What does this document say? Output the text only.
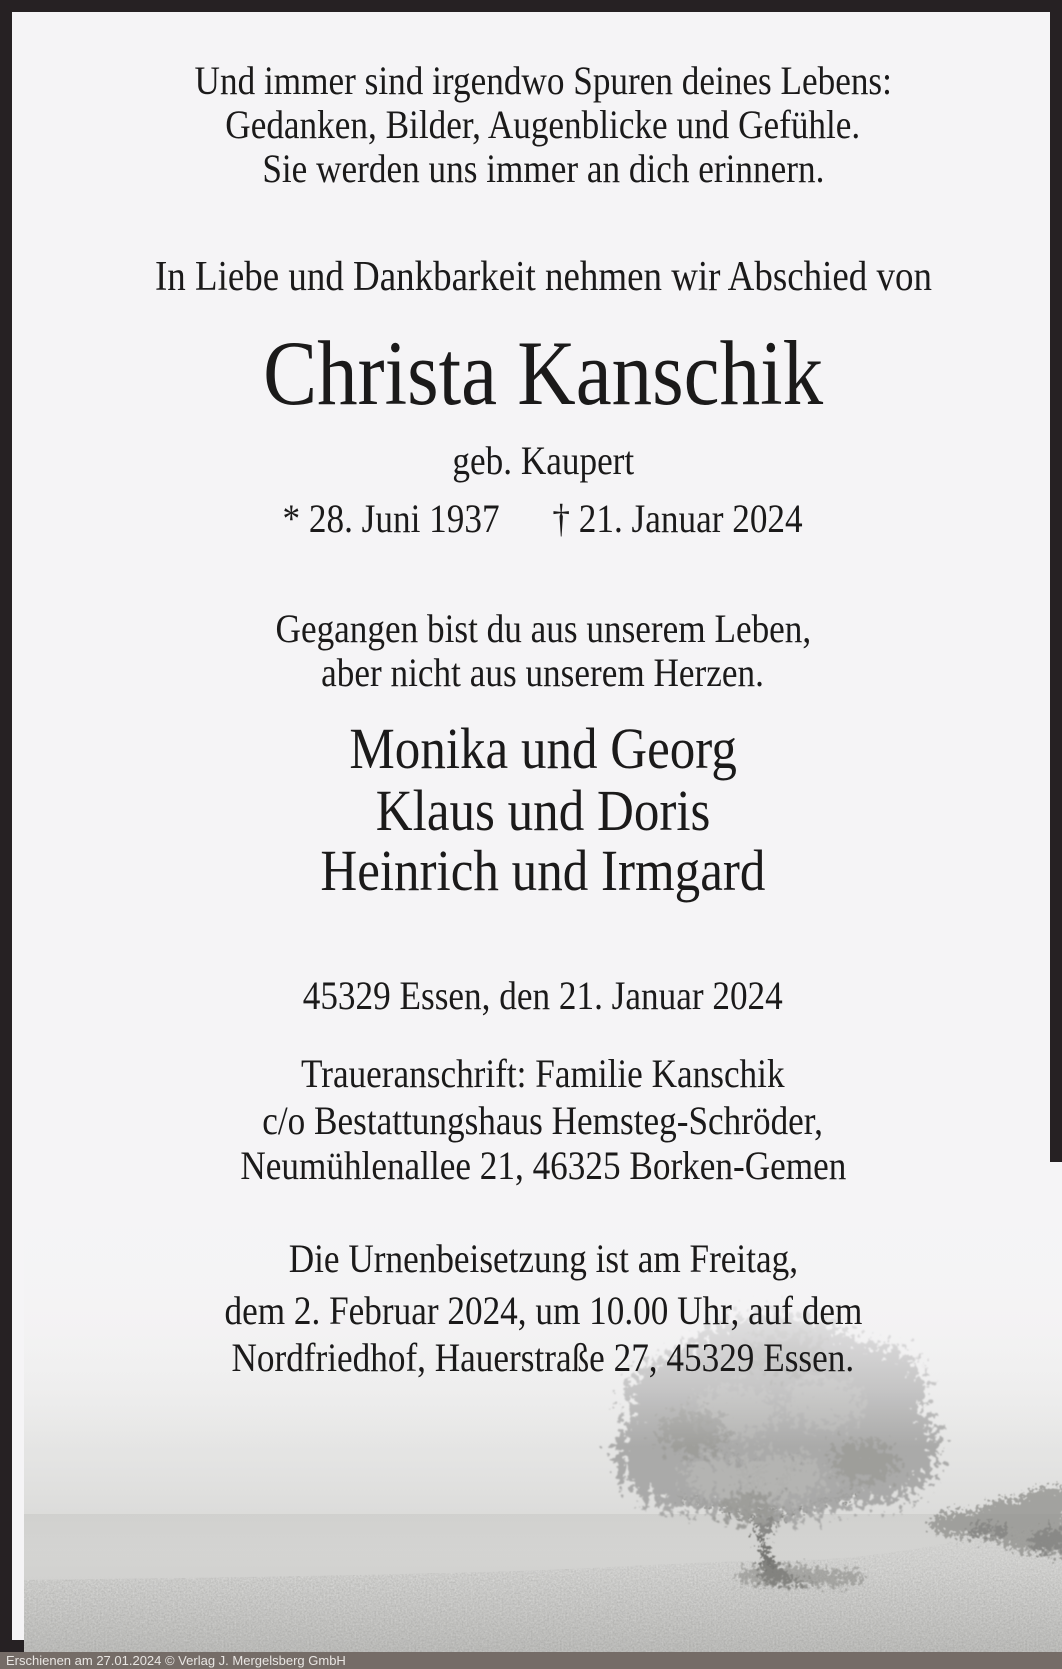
Und immer sind irgendwo Spuren deines Lebens:
Gedanken, Bilder, Augenblicke und Gefühle.
Sie werden uns immer an dich erinnern.
In Liebe und Dankbarkeit nehmen wir Abschied von
Christa Kanschik
geb. Kaupert
* 28. Juni 1937 † 21. Januar 2024
Gegangen bist du aus unserem Leben,
aber nicht aus unserem Herzen.
Monika und Georg
Klaus und Doris
Heinrich und Irmgard
45329 Essen, den 21. Januar 2024
Traueranschrift: Familie Kanschik
c/o Bestattungshaus Hemsteg-Schröder,
Neumühlenallee 21, 46325 Borken-Gemen
Die Urnenbeisetzung ist am Freitag,
dem 2. Februar 2024, um 10.00 Uhr, auf dem
Nordfriedhof, Hauerstraße 27, 45329 Essen.
Erschienen am 27.01.2024 © Verlag J. Mergelsberg GmbH
